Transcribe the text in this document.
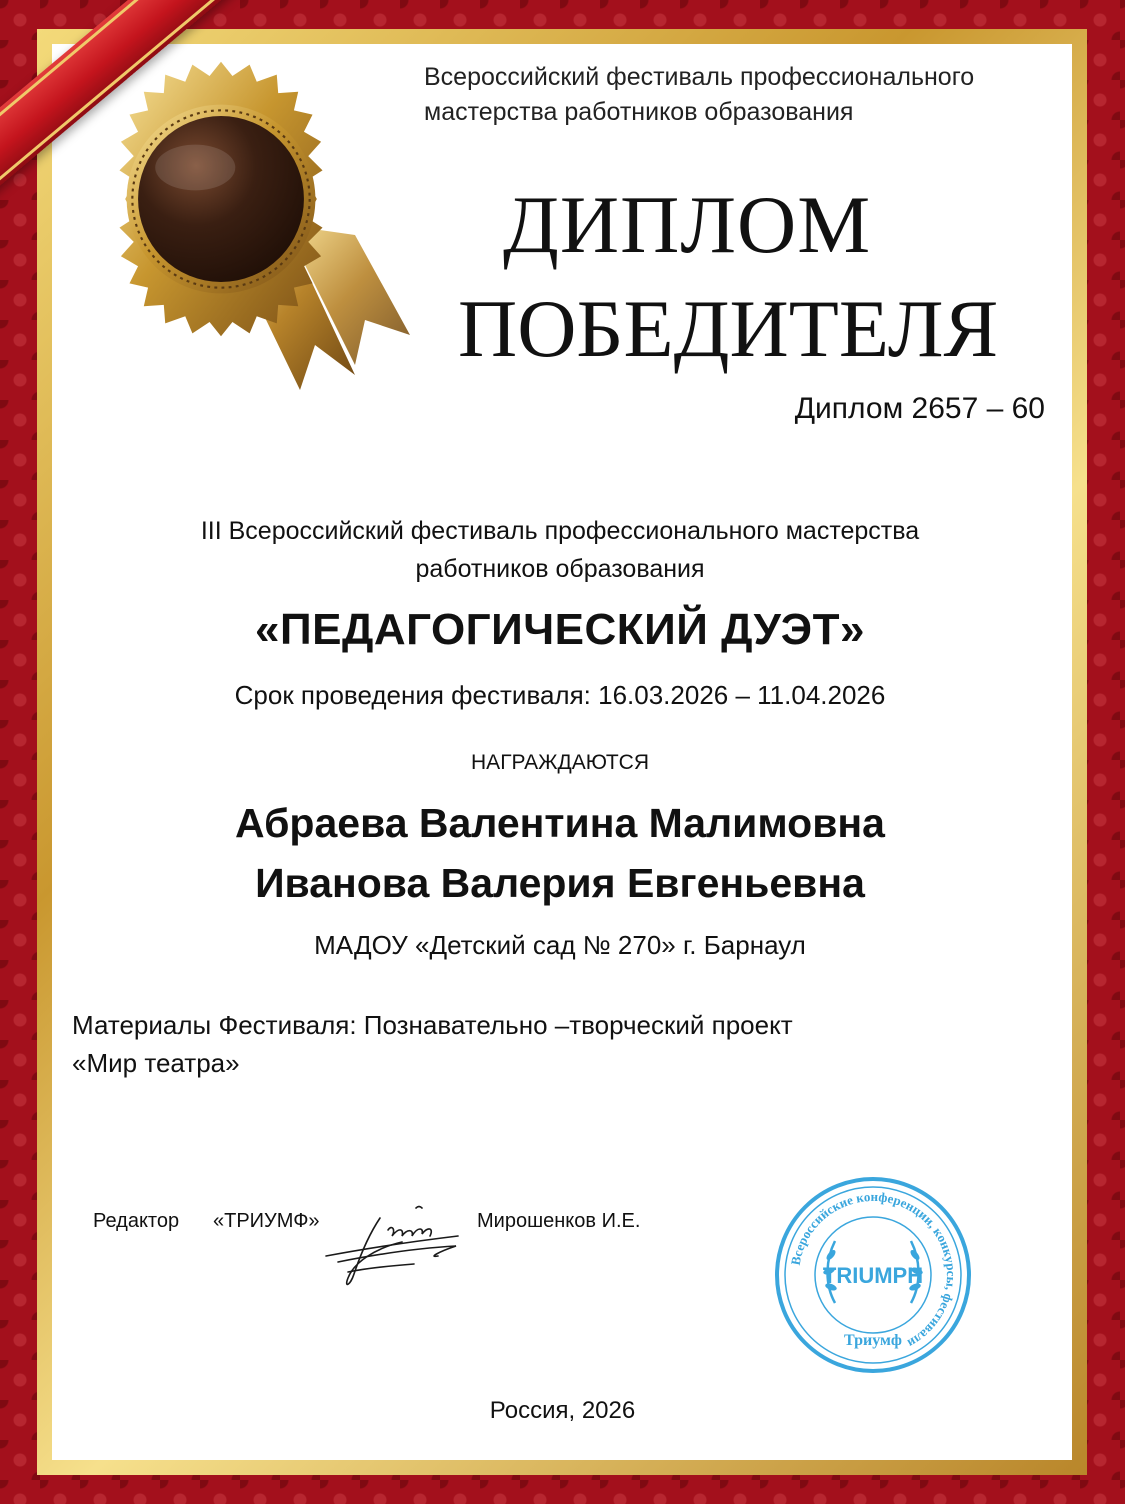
Всероссийский фестиваль профессионального
мастерства работников образования
ДИПЛОМ
ПОБЕДИТЕЛЯ
Диплом 2657 – 60
III Всероссийский фестиваль профессионального мастерства
работников образования
«ПЕДАГОГИЧЕСКИЙ ДУЭТ»
Срок проведения фестиваля: 16.03.2026 – 11.04.2026
НАГРАЖДАЮТСЯ
Абраева Валентина Малимовна
Иванова Валерия Евгеньевна
МАДОУ «Детский сад № 270» г. Барнаул
Материалы Фестиваля: Познавательно –творческий проект
«Мир театра»
Редактор «ТРИУМФ»	Мирошенков И.Е.
Всероссийские конференции, конкурсы, фестивали
TRIUMPH
Триумф
Россия, 2026
